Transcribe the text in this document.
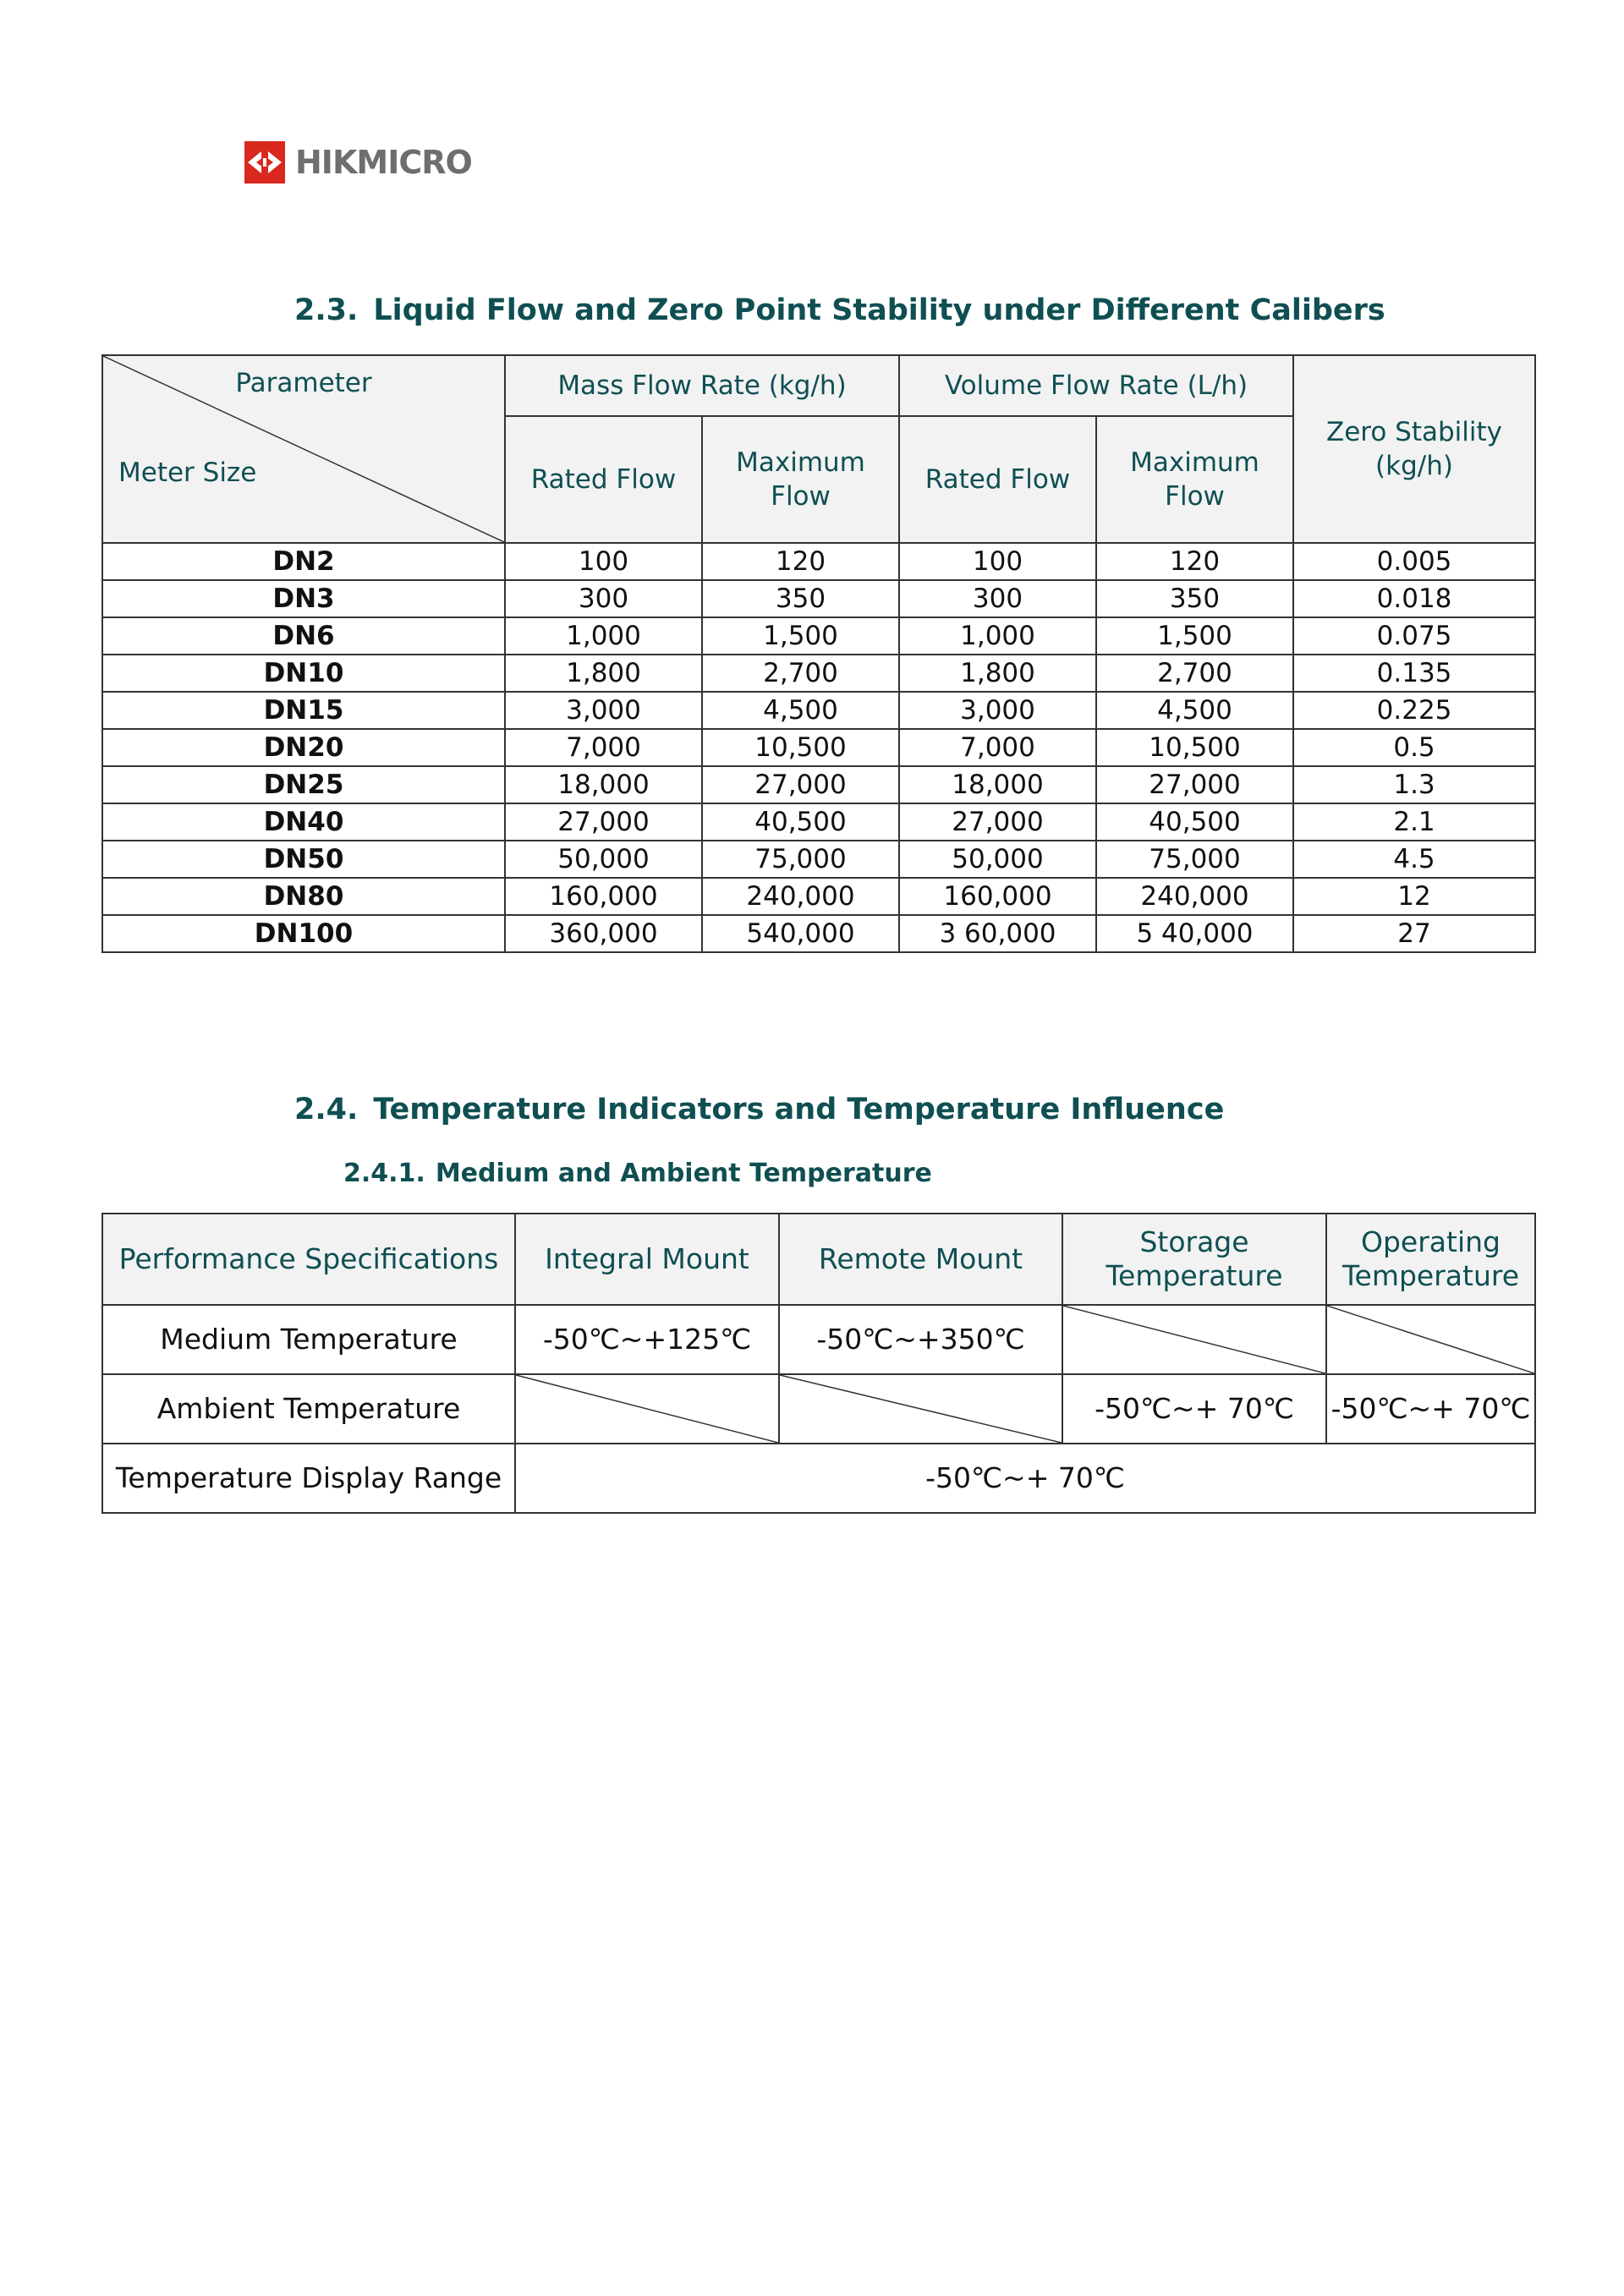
HIKMICRO
2.3. Liquid Flow and Zero Point Stability under Different Calibers
Parameter
Meter Size	Mass Flow Rate (kg/h)		Volume Flow Rate (L/h)		Zero Stability (kg/h)
	Rated Flow	Maximum Flow	Rated Flow	Maximum Flow	
DN2	100	120	100	120	0.005
DN3	300	350	300	350	0.018
DN6	1,000	1,500	1,000	1,500	0.075
DN10	1,800	2,700	1,800	2,700	0.135
DN15	3,000	4,500	3,000	4,500	0.225
DN20	7,000	10,500	7,000	10,500	0.5
DN25	18,000	27,000	18,000	27,000	1.3
DN40	27,000	40,500	27,000	40,500	2.1
DN50	50,000	75,000	50,000	75,000	4.5
DN80	160,000	240,000	160,000	240,000	12
DN100	360,000	540,000	3 60,000	5 40,000	27
2.4. Temperature Indicators and Temperature Influence
2.4.1. Medium and Ambient Temperature
Performance Specifications	Integral Mount	Remote Mount	Storage Temperature	Operating Temperature
Medium Temperature	-50℃~+125℃	-50℃~+350℃	

Ambient Temperature			-50℃~+ 70℃	-50℃~+ 70℃
Temperature Display Range	-50℃~+ 70℃			
